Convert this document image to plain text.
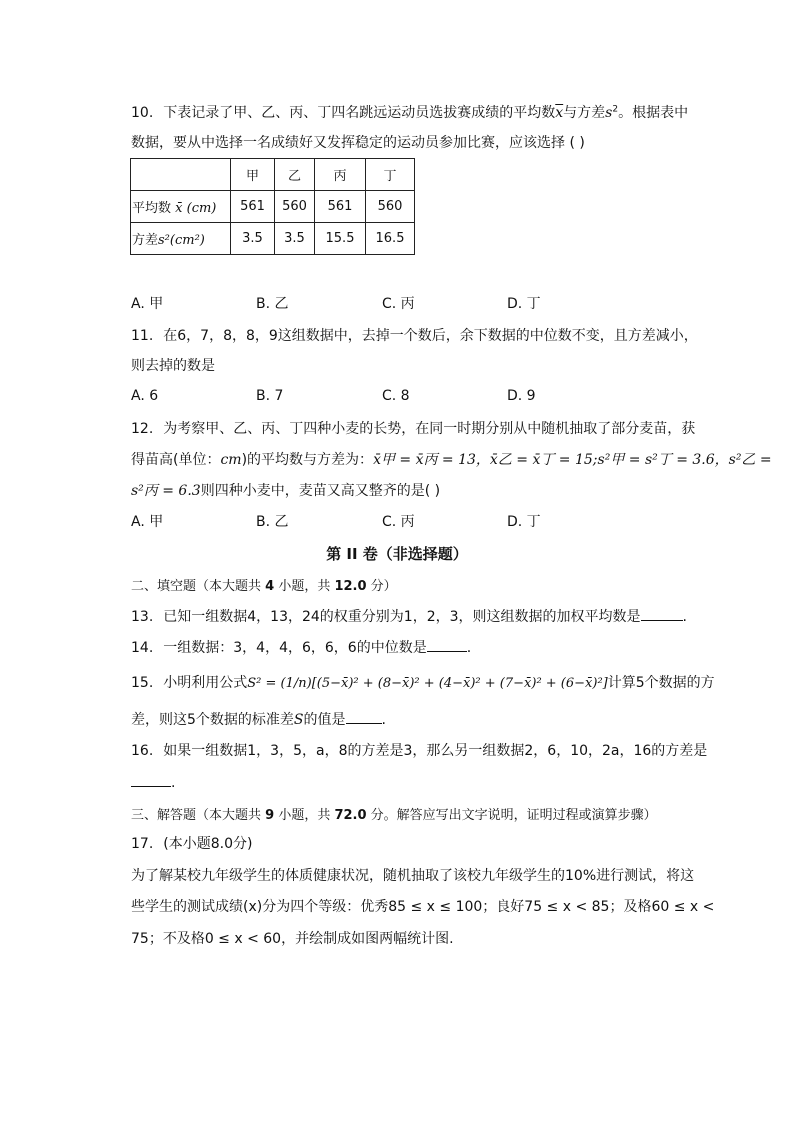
10. 下表记录了甲、乙、丙、丁四名跳远运动员选拔赛成绩的平均数$\overline{x}$与方差$s^2$。根据表中
数据，要从中选择一名成绩好又发挥稳定的运动员参加比赛，应该选择 ( )
	甲	乙	丙	丁
平均数 x̄ (cm)	561	560	561	560
方差s²(cm²)	3.5	3.5	15.5	16.5
A. 甲	B. 乙	C. 丙	D. 丁
11. 在6，7，8，8，9这组数据中，去掉一个数后，余下数据的中位数不变，且方差减小，
则去掉的数是
A. 6	B. 7	C. 8	D. 9
12. 为考察甲、乙、丙、丁四种小麦的长势，在同一时期分别从中随机抽取了部分麦苗，获
得苗高(单位：cm)的平均数与方差为：x̄甲 = x̄丙 = 13，x̄乙 = x̄丁 = 15;s²甲 = s²丁 = 3.6，s²乙 =
s²丙 = 6.3则四种小麦中，麦苗又高又整齐的是( )
A. 甲	B. 乙	C. 丙	D. 丁
第 II 卷（非选择题）
二、填空题（本大题共 4 小题，共 12.0 分）
13. 已知一组数据4，13，24的权重分别为1，2，3，则这组数据的加权平均数是	.
14. 一组数据：3，4，4，6，6，6的中位数是	.
15. 小明利用公式S² = (1/n)[(5−x̄)² + (8−x̄)² + (4−x̄)² + (7−x̄)² + (6−x̄)²]计算5个数据的方
差，则这5个数据的标准差S的值是	.
16. 如果一组数据1，3，5，a，8的方差是3，那么另一组数据2，6，10，2a，16的方差是
.
三、解答题（本大题共 9 小题，共 72.0 分。解答应写出文字说明，证明过程或演算步骤）
17. (本小题8.0分)
为了解某校九年级学生的体质健康状况，随机抽取了该校九年级学生的10%进行测试，将这
些学生的测试成绩(x)分为四个等级：优秀85 ≤ x ≤ 100；良好75 ≤ x < 85；及格60 ≤ x <
75；不及格0 ≤ x < 60，并绘制成如图两幅统计图.
